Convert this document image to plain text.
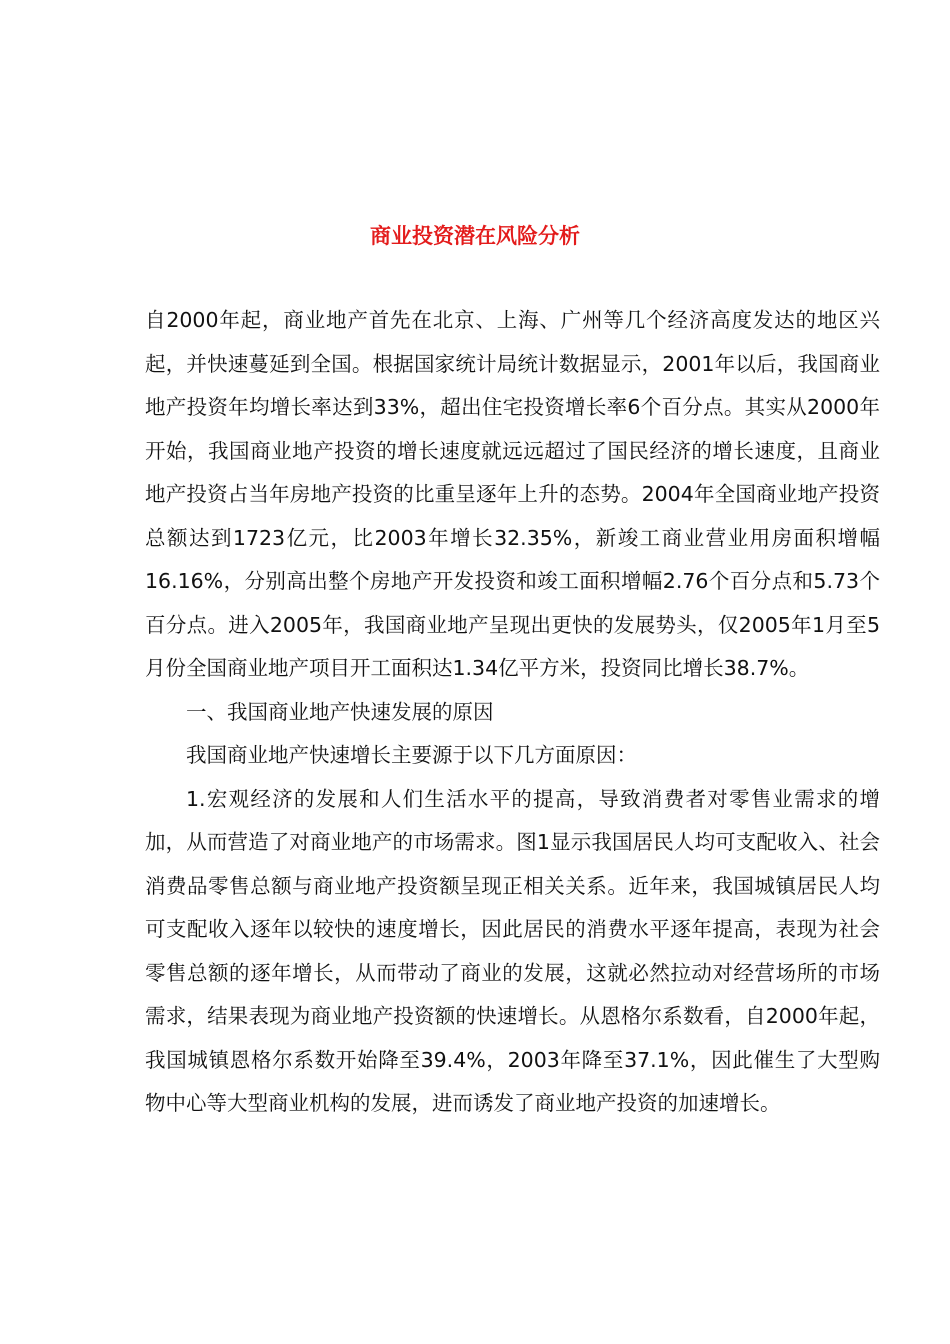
商业投资潜在风险分析

自2000年起，商业地产首先在北京、上海、广州等几个经济高度发达的地区兴起，并快速蔓延到全国。根据国家统计局统计数据显示，2001年以后，我国商业地产投资年均增长率达到33%，超出住宅投资增长率6个百分点。其实从2000年开始，我国商业地产投资的增长速度就远远超过了国民经济的增长速度，且商业地产投资占当年房地产投资的比重呈逐年上升的态势。2004年全国商业地产投资总额达到1723亿元，比2003年增长32.35%，新竣工商业营业用房面积增幅16.16%，分别高出整个房地产开发投资和竣工面积增幅2.76个百分点和5.73个百分点。进入2005年，我国商业地产呈现出更快的发展势头，仅2005年1月至5月份全国商业地产项目开工面积达1.34亿平方米，投资同比增长38.7%。

一、我国商业地产快速发展的原因

我国商业地产快速增长主要源于以下几方面原因：

1.宏观经济的发展和人们生活水平的提高，导致消费者对零售业需求的增加，从而营造了对商业地产的市场需求。图1显示我国居民人均可支配收入、社会消费品零售总额与商业地产投资额呈现正相关关系。近年来，我国城镇居民人均可支配收入逐年以较快的速度增长，因此居民的消费水平逐年提高，表现为社会零售总额的逐年增长，从而带动了商业的发展，这就必然拉动对经营场所的市场需求，结果表现为商业地产投资额的快速增长。从恩格尔系数看，自2000年起，我国城镇恩格尔系数开始降至39.4%，2003年降至37.1%，因此催生了大型购物中心等大型商业机构的发展，进而诱发了商业地产投资的加速增长。
